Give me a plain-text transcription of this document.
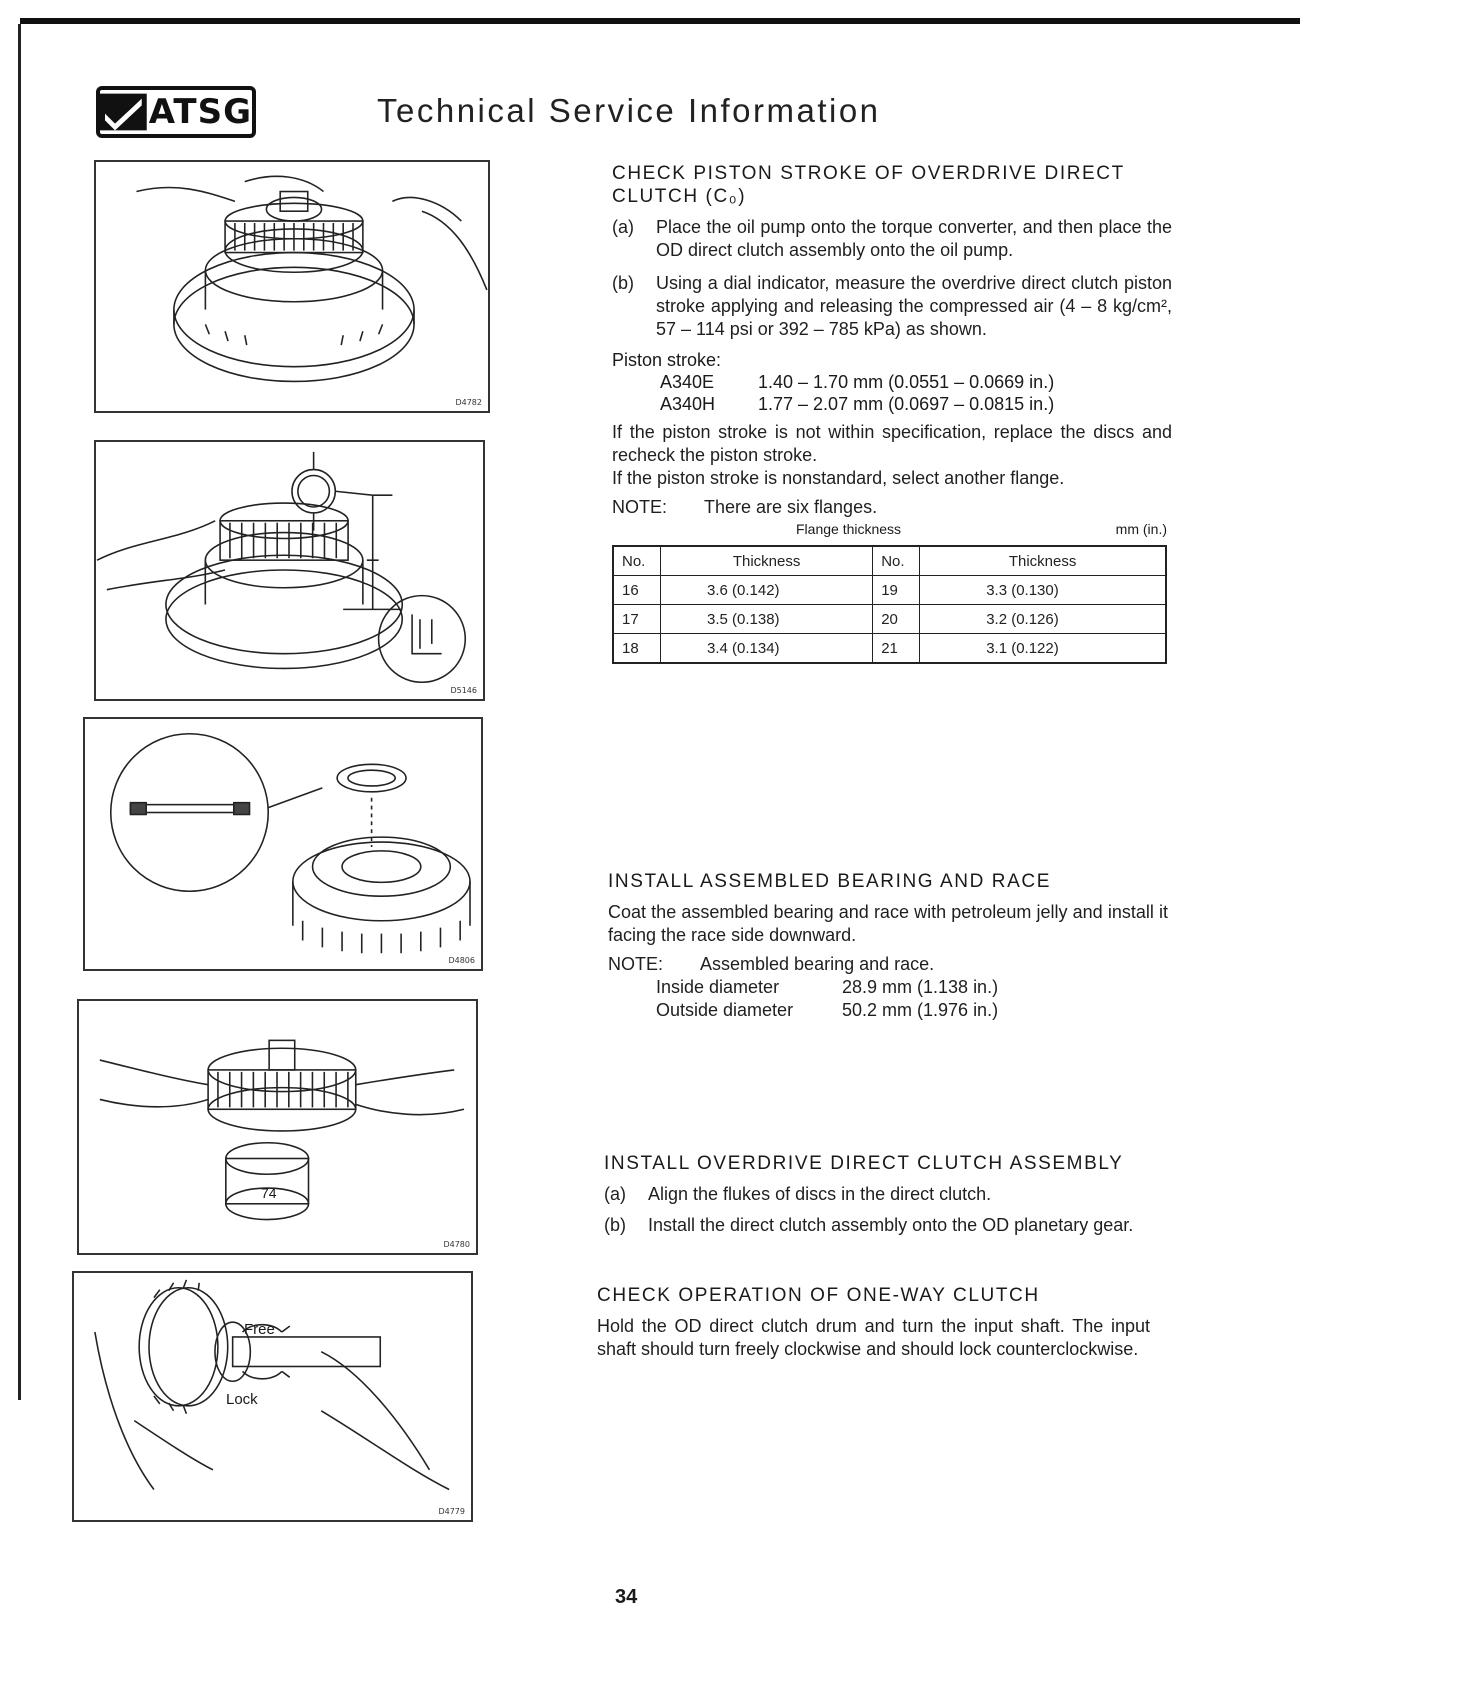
ATSG	Technical Service Information
D4782
D5146
D4806
74
D4780
Free
Lock
D4779
CHECK PISTON STROKE OF OVERDRIVE DIRECT
CLUTCH (C₀)
(a)	Place the oil pump onto the torque converter, and then place the OD direct clutch assembly onto the oil pump.
(b)	Using a dial indicator, measure the overdrive direct clutch piston stroke applying and releasing the compressed air (4 – 8 kg/cm², 57 – 114 psi or 392 – 785 kPa) as shown.
Piston stroke:
A340E	1.40 – 1.70 mm (0.0551 – 0.0669 in.)
A340H	1.77 – 2.07 mm (0.0697 – 0.0815 in.)
If the piston stroke is not within specification, replace the discs and recheck the piston stroke.
If the piston stroke is nonstandard, select another flange.
NOTE:	There are six flanges.
Flange thickness	mm (in.)
No.	Thickness	No.	Thickness
16	3.6 (0.142)	19	3.3 (0.130)
17	3.5 (0.138)	20	3.2 (0.126)
18	3.4 (0.134)	21	3.1 (0.122)
INSTALL ASSEMBLED BEARING AND RACE
Coat the assembled bearing and race with petroleum jelly and install it facing the race side downward.
NOTE:	Assembled bearing and race.
Inside diameter	28.9 mm (1.138 in.)
Outside diameter	50.2 mm (1.976 in.)
INSTALL OVERDRIVE DIRECT CLUTCH ASSEMBLY
(a)	Align the flukes of discs in the direct clutch.
(b)	Install the direct clutch assembly onto the OD planetary gear.
CHECK OPERATION OF ONE-WAY CLUTCH
Hold the OD direct clutch drum and turn the input shaft. The input shaft should turn freely clockwise and should lock counterclockwise.
34
